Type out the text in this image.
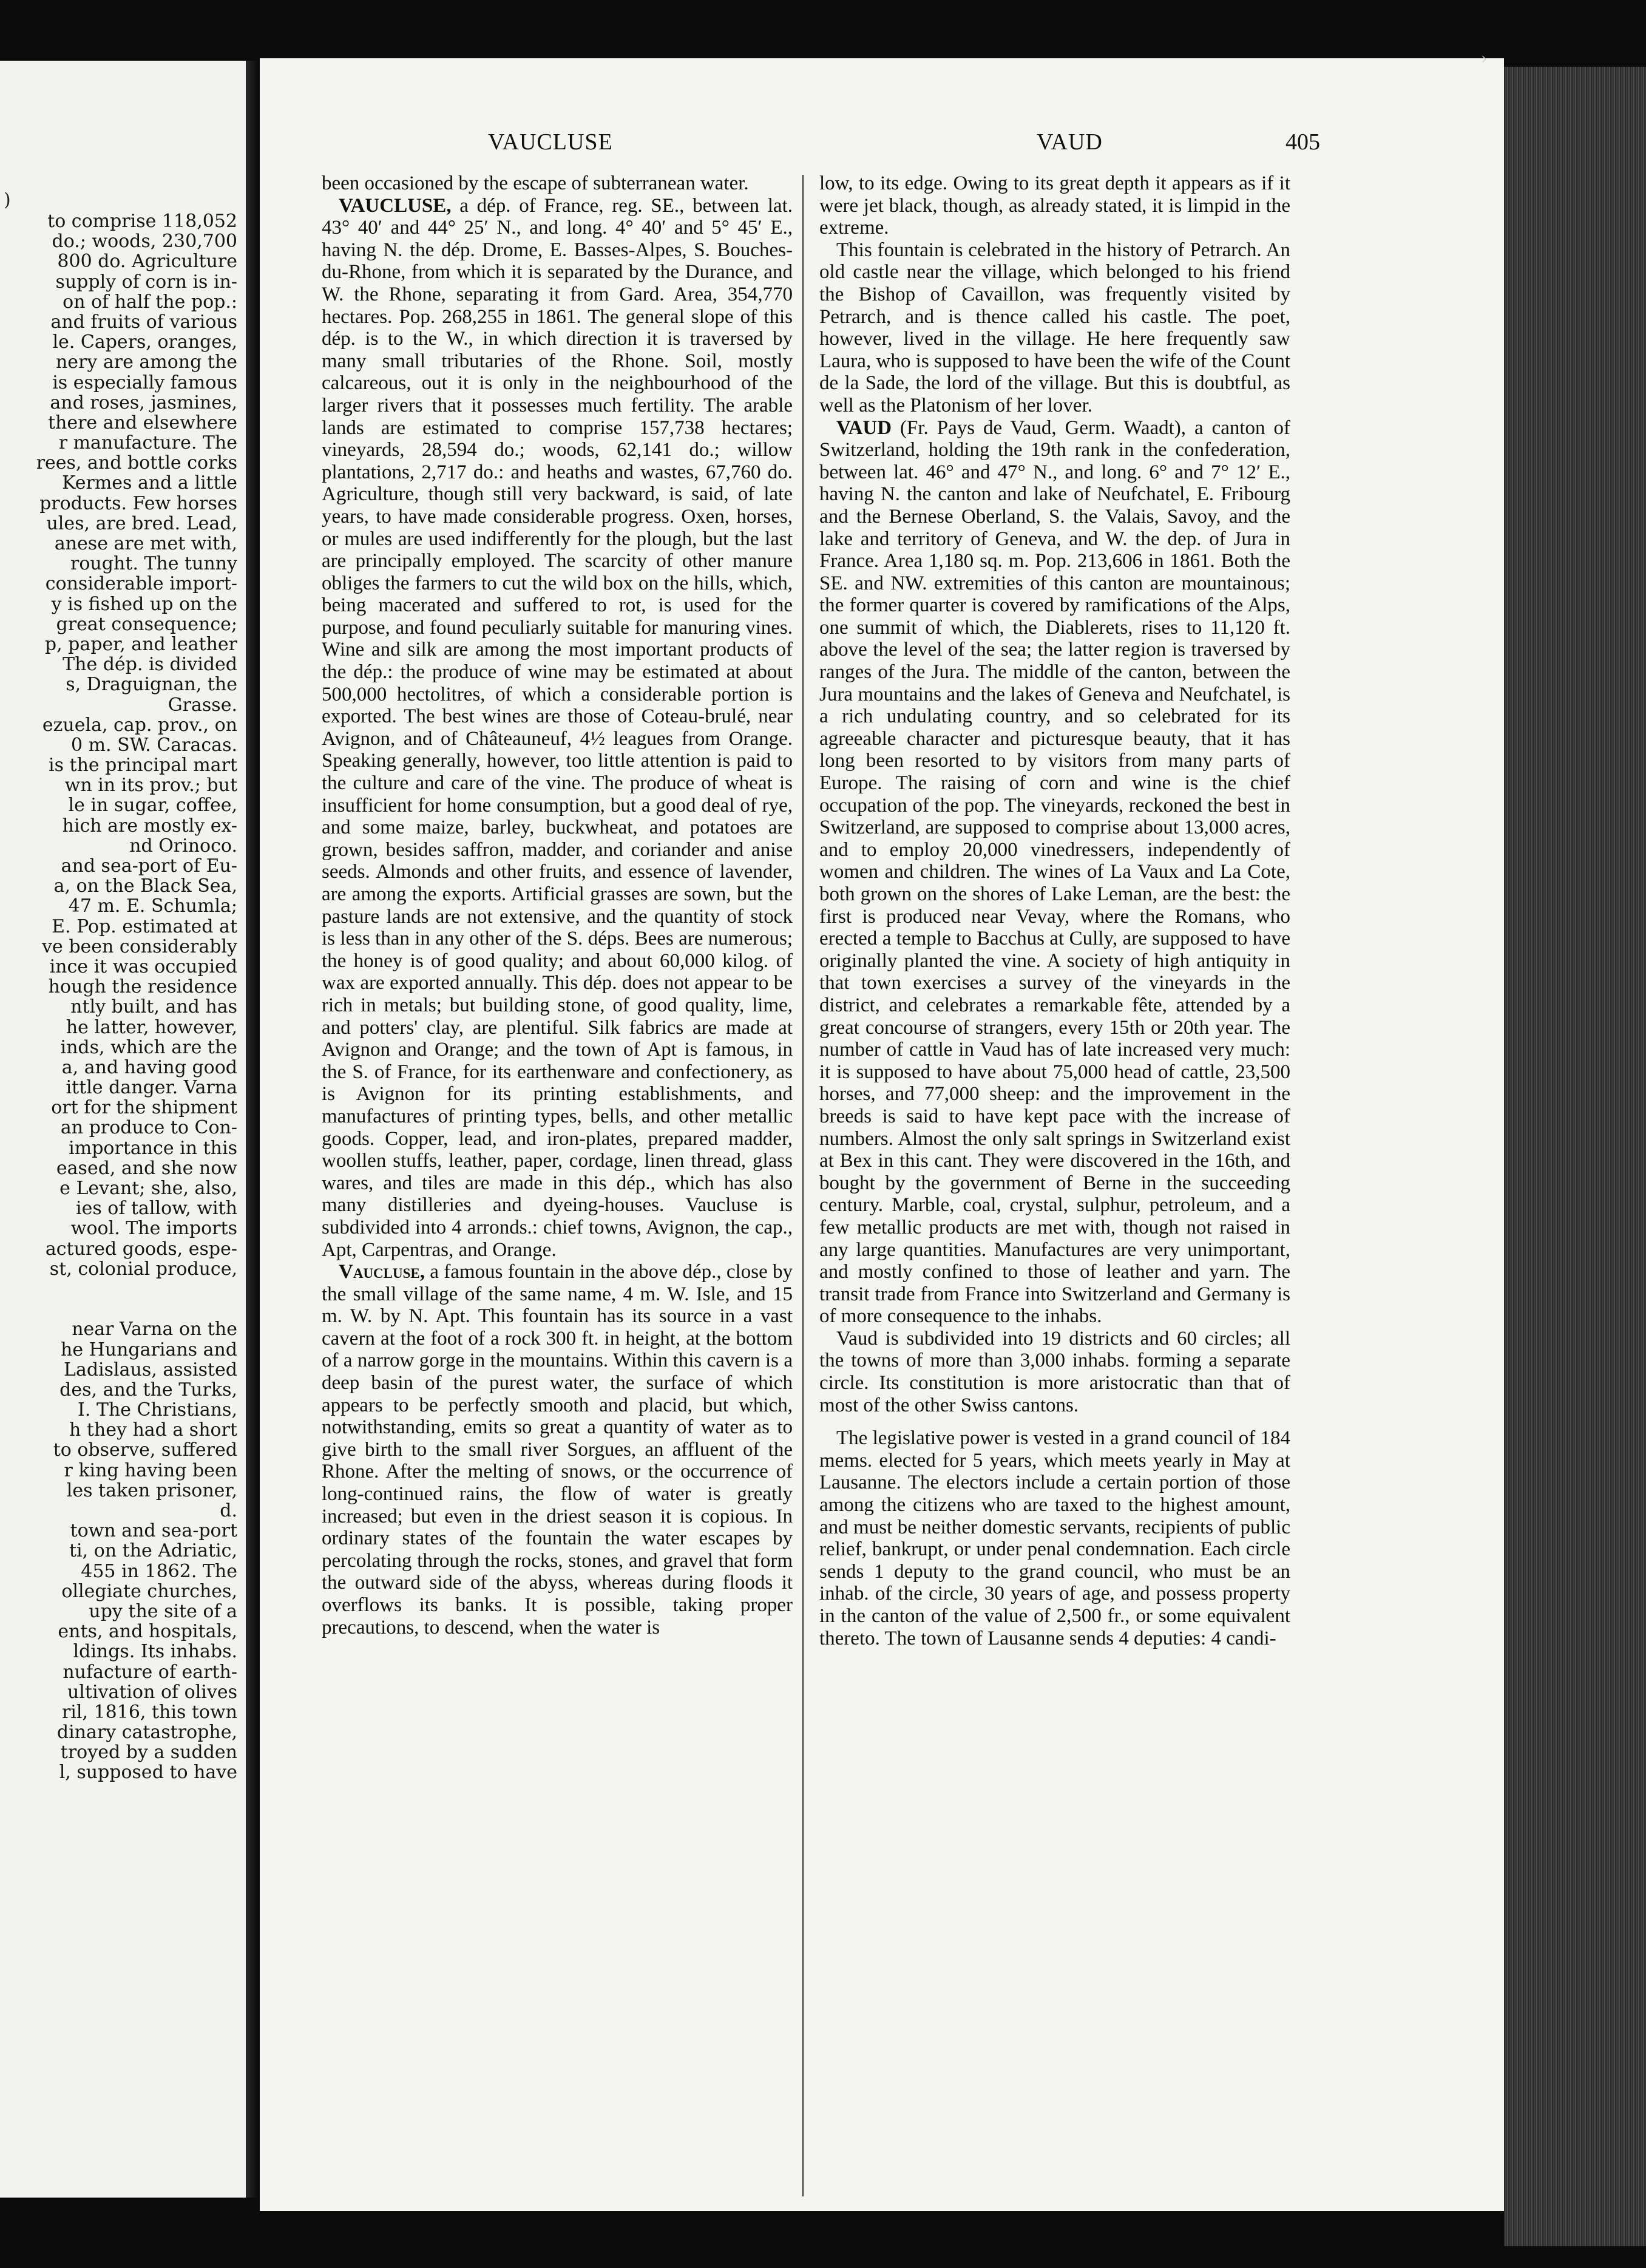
)
to comprise 118,052
do.; woods, 230,700
800 do. Agriculture
supply of corn is in-
on of half the pop.:
and fruits of various
le. Capers, oranges,
nery are among the
is especially famous
and roses, jasmines,
there and elsewhere
r manufacture. The
rees, and bottle corks
Kermes and a little
products. Few horses
ules, are bred. Lead,
anese are met with,
rought. The tunny
considerable import-
y is fished up on the
great consequence;
p, paper, and leather
The dép. is divided
s, Draguignan, the
Grasse.
ezuela, cap. prov., on
0 m. SW. Caracas.
is the principal mart
wn in its prov.; but
le in sugar, coffee,
hich are mostly ex-
nd Orinoco.
and sea-port of Eu-
a, on the Black Sea,
47 m. E. Schumla;
E. Pop. estimated at
ve been considerably
ince it was occupied
hough the residence
ntly built, and has
he latter, however,
inds, which are the
a, and having good
ittle danger. Varna
ort for the shipment
an produce to Con-
importance in this
eased, and she now
e Levant; she, also,
ies of tallow, with
wool. The imports
actured goods, espe-
st, colonial produce,
near Varna on the
he Hungarians and
Ladislaus, assisted
des, and the Turks,
I. The Christians,
h they had a short
to observe, suffered
r king having been
les taken prisoner,
d.
town and sea-port
ti, on the Adriatic,
455 in 1862. The
ollegiate churches,
upy the site of a
ents, and hospitals,
ldings. Its inhabs.
nufacture of earth-
ultivation of olives
ril, 1816, this town
dinary catastrophe,
troyed by a sudden
l, supposed to have
›
VAUCLUSE	VAUD	405

been occasioned by the escape of subterranean water.

VAUCLUSE, a dép. of France, reg. SE., between lat. 43° 40′ and 44° 25′ N., and long. 4° 40′ and 5° 45′ E., having N. the dép. Drome, E. Basses-Alpes, S. Bouches-du-Rhone, from which it is separated by the Durance, and W. the Rhone, separating it from Gard. Area, 354,770 hectares. Pop. 268,255 in 1861. The general slope of this dép. is to the W., in which direction it is traversed by many small tributaries of the Rhone. Soil, mostly calcareous, out it is only in the neighbourhood of the larger rivers that it possesses much fertility. The arable lands are estimated to comprise 157,738 hectares; vineyards, 28,594 do.; woods, 62,141 do.; willow plantations, 2,717 do.: and heaths and wastes, 67,760 do. Agriculture, though still very backward, is said, of late years, to have made considerable progress. Oxen, horses, or mules are used indifferently for the plough, but the last are principally employed. The scarcity of other manure obliges the farmers to cut the wild box on the hills, which, being macerated and suffered to rot, is used for the purpose, and found peculiarly suitable for manuring vines. Wine and silk are among the most important products of the dép.: the produce of wine may be estimated at about 500,000 hectolitres, of which a considerable portion is exported. The best wines are those of Coteau-brulé, near Avignon, and of Châteauneuf, 4½ leagues from Orange. Speaking generally, however, too little attention is paid to the culture and care of the vine. The produce of wheat is insufficient for home consumption, but a good deal of rye, and some maize, barley, buckwheat, and potatoes are grown, besides saffron, madder, and coriander and anise seeds. Almonds and other fruits, and essence of lavender, are among the exports. Artificial grasses are sown, but the pasture lands are not extensive, and the quantity of stock is less than in any other of the S. déps. Bees are numerous; the honey is of good quality; and about 60,000 kilog. of wax are exported annually. This dép. does not appear to be rich in metals; but building stone, of good quality, lime, and potters' clay, are plentiful. Silk fabrics are made at Avignon and Orange; and the town of Apt is famous, in the S. of France, for its earthenware and confectionery, as is Avignon for its printing establishments, and manufactures of printing types, bells, and other metallic goods. Copper, lead, and iron-plates, prepared madder, woollen stuffs, leather, paper, cordage, linen thread, glass wares, and tiles are made in this dép., which has also many distilleries and dyeing-houses. Vaucluse is subdivided into 4 arronds.: chief towns, Avignon, the cap., Apt, Carpentras, and Orange.

Vaucluse, a famous fountain in the above dép., close by the small village of the same name, 4 m. W. Isle, and 15 m. W. by N. Apt. This fountain has its source in a vast cavern at the foot of a rock 300 ft. in height, at the bottom of a narrow gorge in the mountains. Within this cavern is a deep basin of the purest water, the surface of which appears to be perfectly smooth and placid, but which, notwithstanding, emits so great a quantity of water as to give birth to the small river Sorgues, an affluent of the Rhone. After the melting of snows, or the occurrence of long-continued rains, the flow of water is greatly increased; but even in the driest season it is copious. In ordinary states of the fountain the water escapes by percolating through the rocks, stones, and gravel that form the outward side of the abyss, whereas during floods it overflows its banks. It is possible, taking proper precautions, to descend, when the water is

low, to its edge. Owing to its great depth it appears as if it were jet black, though, as already stated, it is limpid in the extreme.

This fountain is celebrated in the history of Petrarch. An old castle near the village, which belonged to his friend the Bishop of Cavaillon, was frequently visited by Petrarch, and is thence called his castle. The poet, however, lived in the village. He here frequently saw Laura, who is supposed to have been the wife of the Count de la Sade, the lord of the village. But this is doubtful, as well as the Platonism of her lover.

VAUD (Fr. Pays de Vaud, Germ. Waadt), a canton of Switzerland, holding the 19th rank in the confederation, between lat. 46° and 47° N., and long. 6° and 7° 12′ E., having N. the canton and lake of Neufchatel, E. Fribourg and the Bernese Oberland, S. the Valais, Savoy, and the lake and territory of Geneva, and W. the dep. of Jura in France. Area 1,180 sq. m. Pop. 213,606 in 1861. Both the SE. and NW. extremities of this canton are mountainous; the former quarter is covered by ramifications of the Alps, one summit of which, the Diablerets, rises to 11,120 ft. above the level of the sea; the latter region is traversed by ranges of the Jura. The middle of the canton, between the Jura mountains and the lakes of Geneva and Neufchatel, is a rich undulating country, and so celebrated for its agreeable character and picturesque beauty, that it has long been resorted to by visitors from many parts of Europe. The raising of corn and wine is the chief occupation of the pop. The vineyards, reckoned the best in Switzerland, are supposed to comprise about 13,000 acres, and to employ 20,000 vinedressers, independently of women and children. The wines of La Vaux and La Cote, both grown on the shores of Lake Leman, are the best: the first is produced near Vevay, where the Romans, who erected a temple to Bacchus at Cully, are supposed to have originally planted the vine. A society of high antiquity in that town exercises a survey of the vineyards in the district, and celebrates a remarkable fête, attended by a great concourse of strangers, every 15th or 20th year. The number of cattle in Vaud has of late increased very much: it is supposed to have about 75,000 head of cattle, 23,500 horses, and 77,000 sheep: and the improvement in the breeds is said to have kept pace with the increase of numbers. Almost the only salt springs in Switzerland exist at Bex in this cant. They were discovered in the 16th, and bought by the government of Berne in the succeeding century. Marble, coal, crystal, sulphur, petroleum, and a few metallic products are met with, though not raised in any large quantities. Manufactures are very unimportant, and mostly confined to those of leather and yarn. The transit trade from France into Switzerland and Germany is of more consequence to the inhabs.

Vaud is subdivided into 19 districts and 60 circles; all the towns of more than 3,000 inhabs. forming a separate circle. Its constitution is more aristocratic than that of most of the other Swiss cantons.

The legislative power is vested in a grand council of 184 mems. elected for 5 years, which meets yearly in May at Lausanne. The electors include a certain portion of those among the citizens who are taxed to the highest amount, and must be neither domestic servants, recipients of public relief, bankrupt, or under penal condemnation. Each circle sends 1 deputy to the grand council, who must be an inhab. of the circle, 30 years of age, and possess property in the canton of the value of 2,500 fr., or some equivalent thereto. The town of Lausanne sends 4 deputies: 4 candi-
